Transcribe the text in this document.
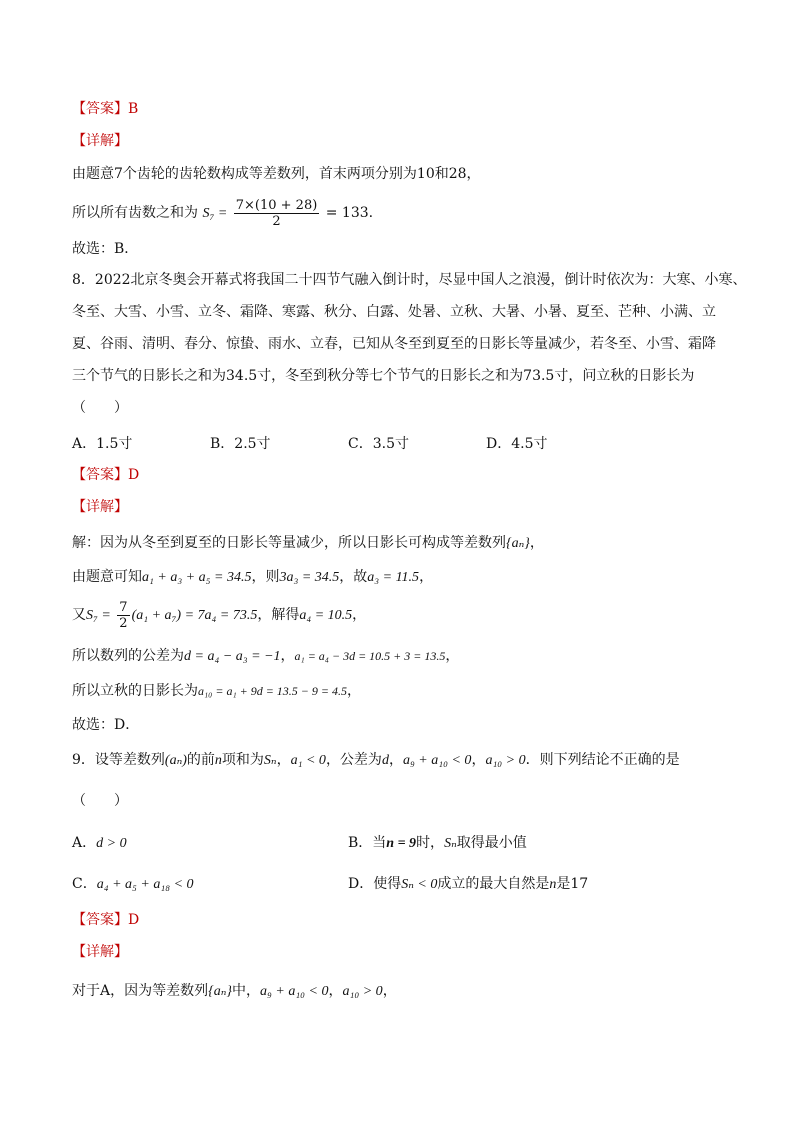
【答案】B
【详解】
由题意7个齿轮的齿轮数构成等差数列，首末两项分别为10和28，
所以所有齿数之和为 $S_7 = \frac{7\times(10 + 28)}{2} = 133$.
故选：B．
8．2022北京冬奥会开幕式将我国二十四节气融入倒计时，尽显中国人之浪漫，倒计时依次为：大寒、小寒、
冬至、大雪、小雪、立冬、霜降、寒露、秋分、白露、处暑、立秋、大暑、小暑、夏至、芒种、小满、立
夏、谷雨、清明、春分、惊蛰、雨水、立春，已知从冬至到夏至的日影长等量减少，若冬至、小雪、霜降
三个节气的日影长之和为34.5寸，冬至到秋分等七个节气的日影长之和为73.5寸，问立秋的日影长为
（　　）
A．1.5寸	B．2.5寸	C．3.5寸	D．4.5寸
【答案】D
【详解】
解：因为从冬至到夏至的日影长等量减少，所以日影长可构成等差数列{aₙ}，
由题意可知a₁ + a₃ + a₅ = 34.5，则3a₃ = 34.5，故a₃ = 11.5，
又$S_7 = \frac{7}{2} (a_1 + a_7) = 7a_4 = 73.5$，解得a₄ = 10.5，
所以数列的公差为d = a₄ − a₃ = −1，a₁ = a₄ − 3d = 10.5 + 3 = 13.5，
所以立秋的日影长为a₁₀ = a₁ + 9d = 13.5 − 9 = 4.5，
故选：D．
9．设等差数列(aₙ)的前n项和为Sₙ，a₁ < 0，公差为d，a₉ + a₁₀ < 0，a₁₀ > 0．则下列结论不正确的是
（　　）
A．d > 0	B．当n = 9时，Sₙ取得最小值
C．a₄ + a₅ + a₁₈ < 0	D．使得Sₙ < 0成立的最大自然是n是17
【答案】D
【详解】
对于A，因为等差数列{aₙ}中，a₉ + a₁₀ < 0，a₁₀ > 0，
